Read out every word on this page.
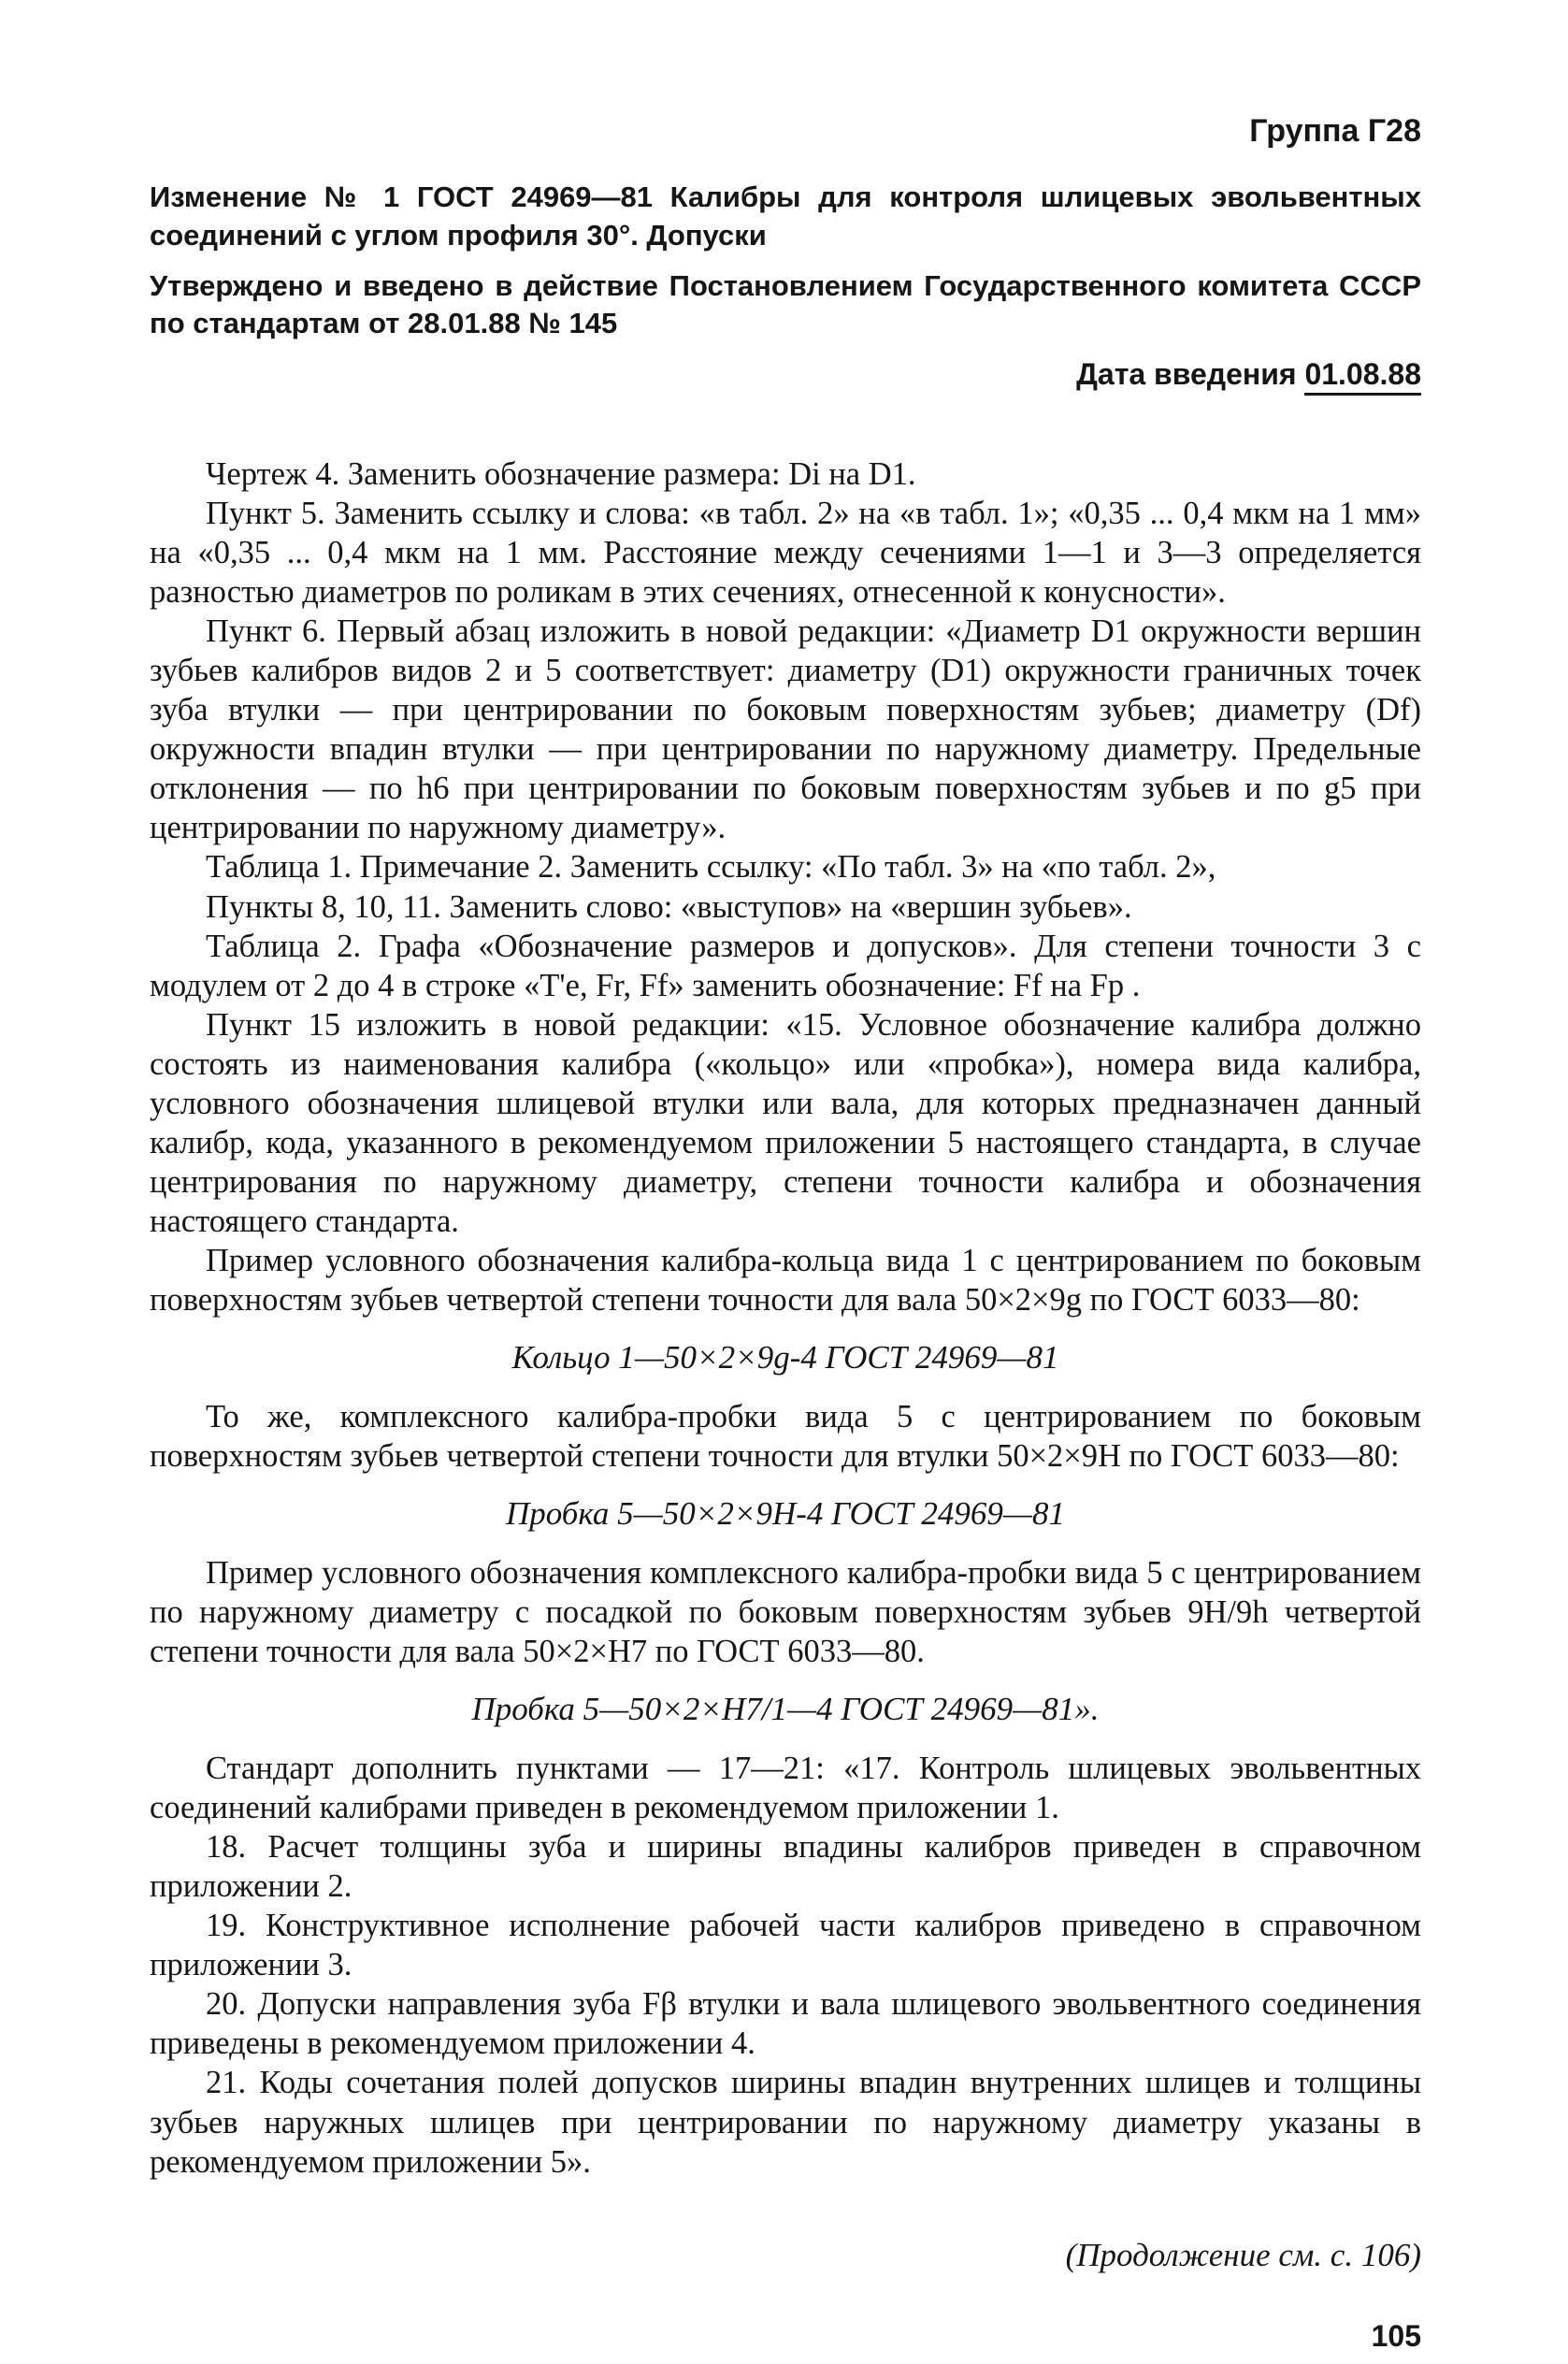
Группа Г28
Изменение № 1 ГОСТ 24969—81 Калибры для контроля шлицевых эвольвентных соединений с углом профиля 30°. Допуски
Утверждено и введено в действие Постановлением Государственного комитета СССР по стандартам от 28.01.88 № 145
Дата введения 01.08.88

Чертеж 4. Заменить обозначение размера: Di на D1.

Пункт 5. Заменить ссылку и слова: «в табл. 2» на «в табл. 1»; «0,35 ... 0,4 мкм на 1 мм» на «0,35 ... 0,4 мкм на 1 мм. Расстояние между сечениями 1—1 и 3—3 определяется разностью диаметров по роликам в этих сечениях, отнесенной к конусности».

Пункт 6. Первый абзац изложить в новой редакции: «Диаметр D1 окружности вершин зубьев калибров видов 2 и 5 соответствует: диаметру (D1) окружности граничных точек зуба втулки — при центрировании по боковым поверхностям зубьев; диаметру (Df) окружности впадин втулки — при центрировании по наружному диаметру. Предельные отклонения — по h6 при центрировании по боковым поверхностям зубьев и по g5 при центрировании по наружному диаметру».

Таблица 1. Примечание 2. Заменить ссылку: «По табл. 3» на «по табл. 2»,

Пункты 8, 10, 11. Заменить слово: «выступов» на «вершин зубьев».

Таблица 2. Графа «Обозначение размеров и допусков». Для степени точности 3 с модулем от 2 до 4 в строке «T'e, Fr, Ff» заменить обозначение: Ff на Fp .

Пункт 15 изложить в новой редакции: «15. Условное обозначение калибра должно состоять из наименования калибра («кольцо» или «пробка»), номера вида калибра, условного обозначения шлицевой втулки или вала, для которых предназначен данный калибр, кода, указанного в рекомендуемом приложении 5 настоящего стандарта, в случае центрирования по наружному диаметру, степени точности калибра и обозначения настоящего стандарта.

Пример условного обозначения калибра-кольца вида 1 с центрированием по боковым поверхностям зубьев четвертой степени точности для вала 50×2×9g по ГОСТ 6033—80:

Кольцо 1—50×2×9g-4 ГОСТ 24969—81

То же, комплексного калибра-пробки вида 5 с центрированием по боковым поверхностям зубьев четвертой степени точности для втулки 50×2×9H по ГОСТ 6033—80:

Пробка 5—50×2×9H-4 ГОСТ 24969—81

Пример условного обозначения комплексного калибра-пробки вида 5 с центрированием по наружному диаметру с посадкой по боковым поверхностям зубьев 9H/9h четвертой степени точности для вала 50×2×H7 по ГОСТ 6033—80.

Пробка 5—50×2×H7/1—4 ГОСТ 24969—81».

Стандарт дополнить пунктами — 17—21: «17. Контроль шлицевых эвольвентных соединений калибрами приведен в рекомендуемом приложении 1.

18. Расчет толщины зуба и ширины впадины калибров приведен в справочном приложении 2.

19. Конструктивное исполнение рабочей части калибров приведено в справочном приложении 3.

20. Допуски направления зуба Fβ втулки и вала шлицевого эвольвентного соединения приведены в рекомендуемом приложении 4.

21. Коды сочетания полей допусков ширины впадин внутренних шлицев и толщины зубьев наружных шлицев при центрировании по наружному диаметру указаны в рекомендуемом приложении 5».

(Продолжение см. с. 106)
105
